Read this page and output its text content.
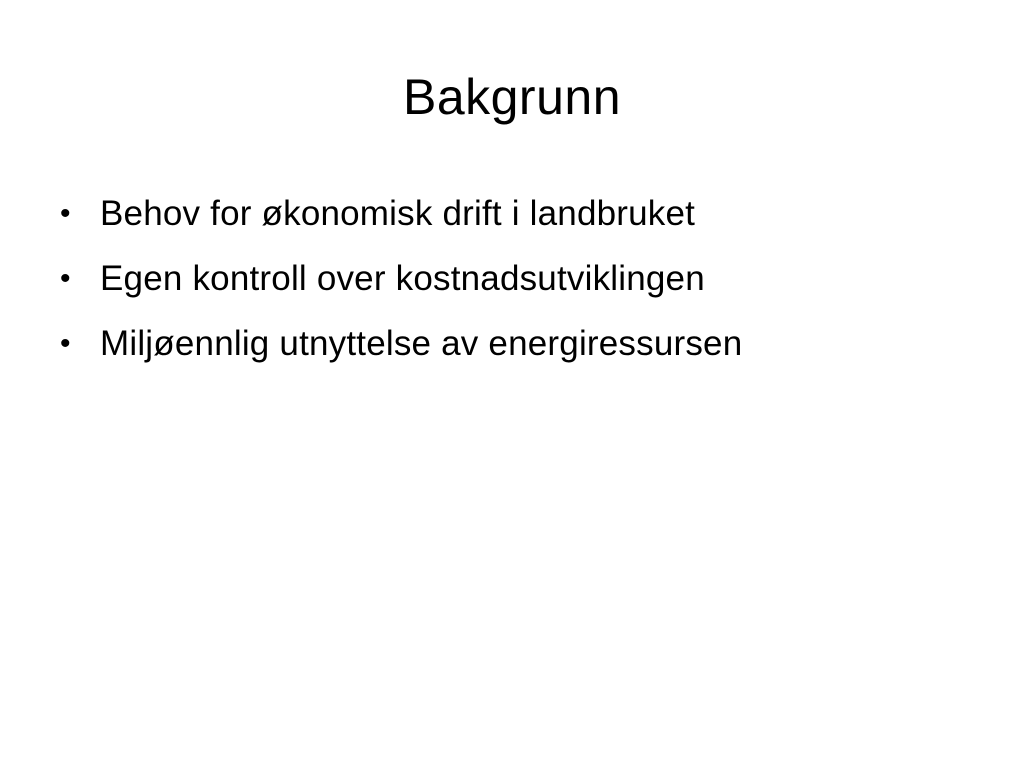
Bakgrunn
• Behov for økonomisk drift i landbruket
• Egen kontroll over kostnadsutviklingen
• Miljøennlig utnyttelse av energiressursen
